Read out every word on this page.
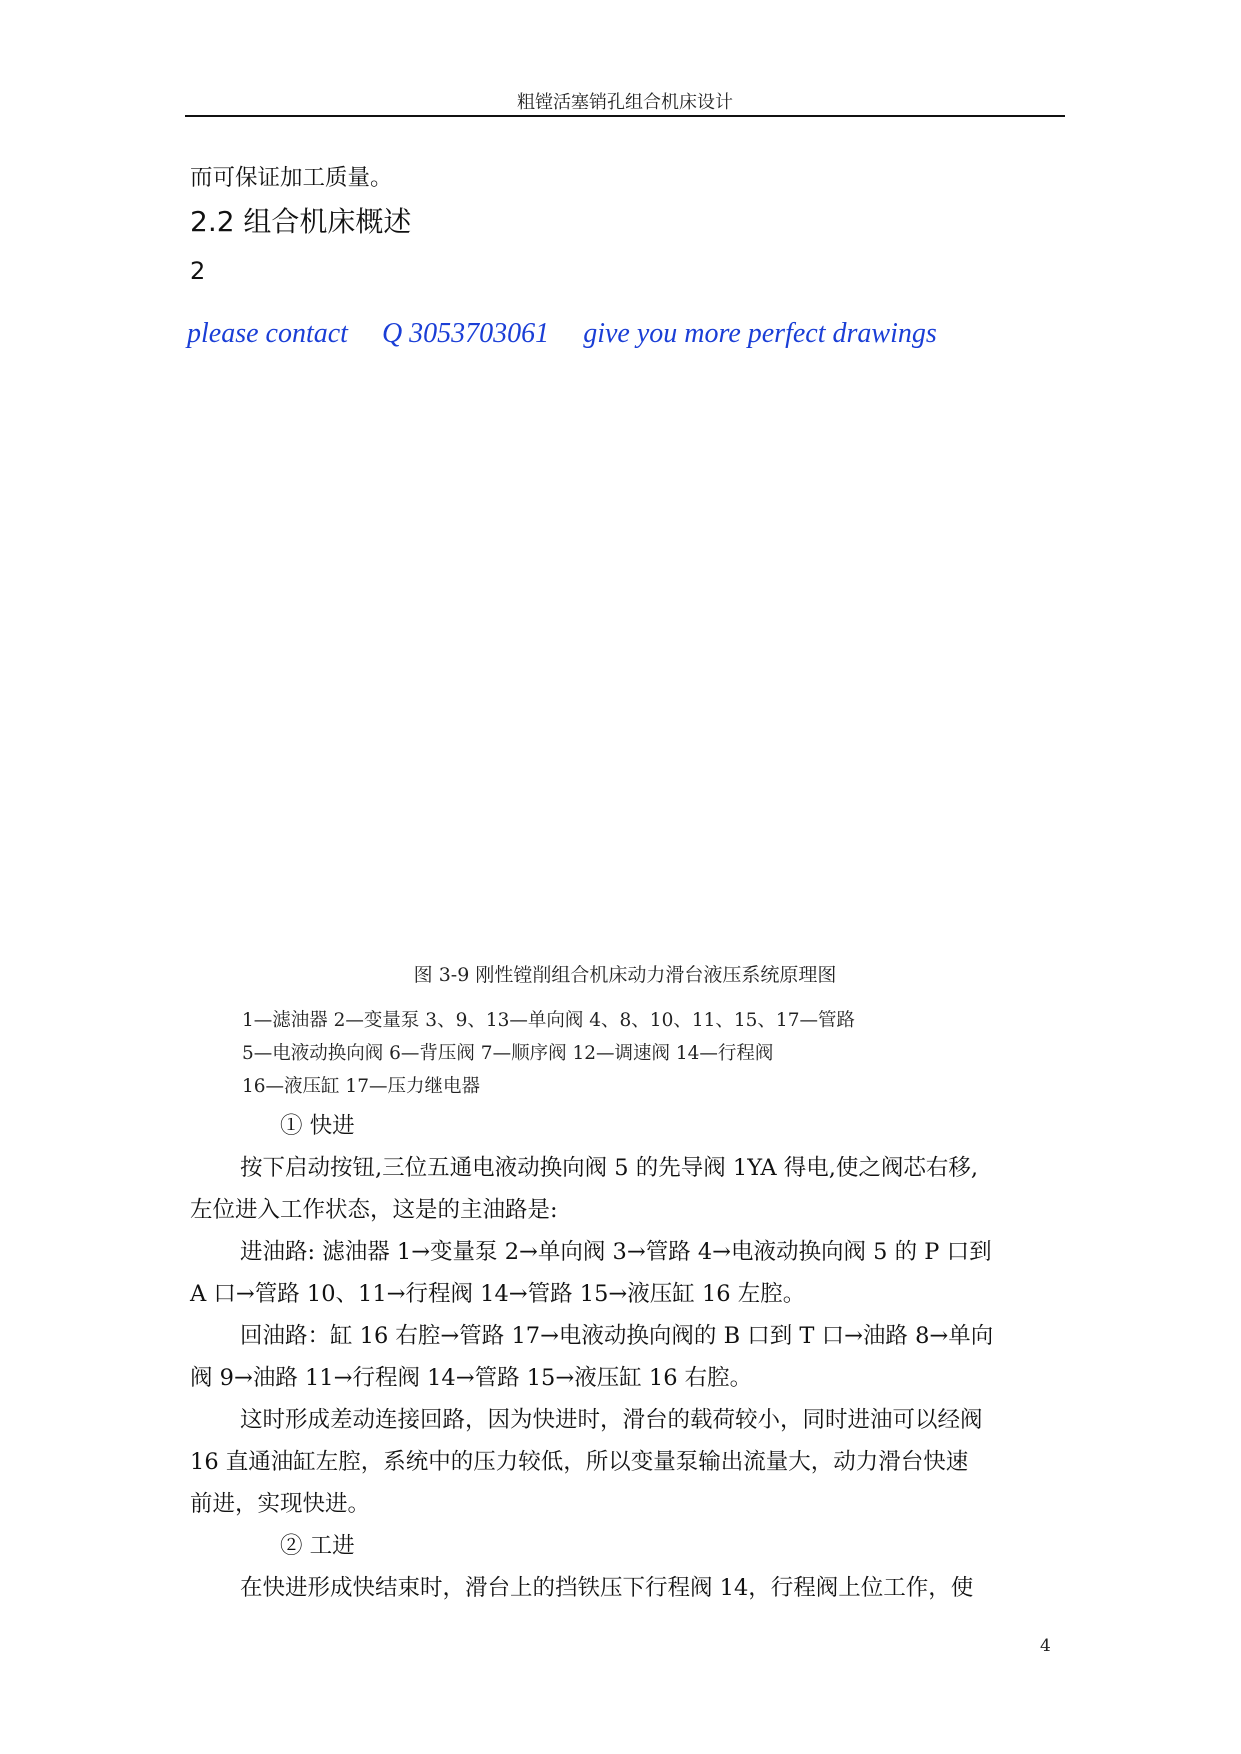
粗镗活塞销孔组合机床设计
而可保证加工质量。
2.2 组合机床概述
2
please contact Q 3053703061 give you more perfect drawings
图 3-9 刚性镗削组合机床动力滑台液压系统原理图
1—滤油器 2—变量泵 3、9、13—单向阀 4、8、10、11、15、17—管路
5—电液动换向阀 6—背压阀 7—顺序阀 12—调速阀 14—行程阀
16—液压缸 17—压力继电器
① 快进
按下启动按钮,三位五通电液动换向阀 5 的先导阀 1YA 得电,使之阀芯右移,
左位进入工作状态，这是的主油路是:
进油路: 滤油器 1→变量泵 2→单向阀 3→管路 4→电液动换向阀 5 的 P 口到
A 口→管路 10、11→行程阀 14→管路 15→液压缸 16 左腔。
回油路：缸 16 右腔→管路 17→电液动换向阀的 B 口到 T 口→油路 8→单向
阀 9→油路 11→行程阀 14→管路 15→液压缸 16 右腔。
这时形成差动连接回路，因为快进时，滑台的载荷较小，同时进油可以经阀
16 直通油缸左腔，系统中的压力较低，所以变量泵输出流量大，动力滑台快速
前进，实现快进。
② 工进
在快进形成快结束时，滑台上的挡铁压下行程阀 14，行程阀上位工作，使
4
